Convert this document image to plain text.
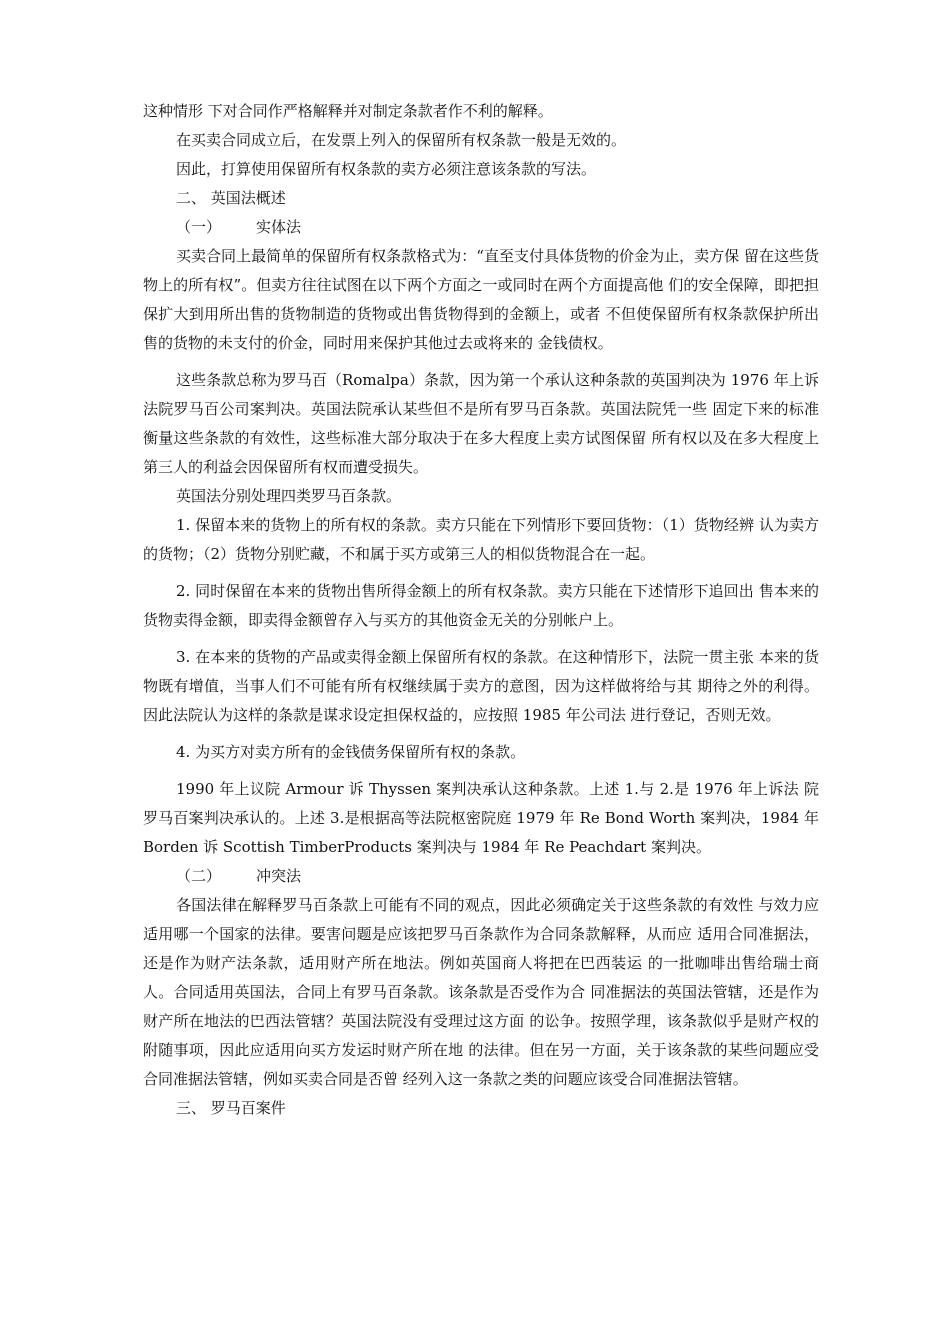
这种情形 下对合同作严格解释并对制定条款者作不利的解释。

在买卖合同成立后，在发票上列入的保留所有权条款一般是无效的。

因此，打算使用保留所有权条款的卖方必须注意该条款的写法。

二、 英国法概述

（一） 实体法

买卖合同上最简单的保留所有权条款格式为：“直至支付具体货物的价金为止，卖方保 留在这些货物上的所有权”。但卖方往往试图在以下两个方面之一或同时在两个方面提高他 们的安全保障，即把担保扩大到用所出售的货物制造的货物或出售货物得到的金额上，或者 不但使保留所有权条款保护所出售的货物的未支付的价金，同时用来保护其他过去或将来的 金钱债权。

这些条款总称为罗马百（Romalpa）条款，因为第一个承认这种条款的英国判决为 1976 年上诉法院罗马百公司案判决。英国法院承认某些但不是所有罗马百条款。英国法院凭一些 固定下来的标准衡量这些条款的有效性，这些标准大部分取决于在多大程度上卖方试图保留 所有权以及在多大程度上第三人的利益会因保留所有权而遭受损失。

英国法分别处理四类罗马百条款。

1. 保留本来的货物上的所有权的条款。卖方只能在下列情形下要回货物：（1）货物经辨 认为卖方的货物；（2）货物分别贮藏，不和属于买方或第三人的相似货物混合在一起。

2. 同时保留在本来的货物出售所得金额上的所有权条款。卖方只能在下述情形下追回出 售本来的货物卖得金额，即卖得金额曾存入与买方的其他资金无关的分别帐户上。

3. 在本来的货物的产品或卖得金额上保留所有权的条款。在这种情形下，法院一贯主张 本来的货物既有增值，当事人们不可能有所有权继续属于卖方的意图，因为这样做将给与其 期待之外的利得。因此法院认为这样的条款是谋求设定担保权益的，应按照 1985 年公司法 进行登记，否则无效。

4. 为买方对卖方所有的金钱债务保留所有权的条款。

1990 年上议院 Armour 诉 Thyssen 案判决承认这种条款。上述 1.与 2.是 1976 年上诉法 院罗马百案判决承认的。上述 3.是根据高等法院枢密院庭 1979 年 Re Bond Worth 案判决，1984 年 Borden 诉 Scottish TimberProducts 案判决与 1984 年 Re Peachdart 案判决。

（二） 冲突法

各国法律在解释罗马百条款上可能有不同的观点，因此必须确定关于这些条款的有效性 与效力应适用哪一个国家的法律。要害问题是应该把罗马百条款作为合同条款解释，从而应 适用合同准据法，还是作为财产法条款，适用财产所在地法。例如英国商人将把在巴西装运 的一批咖啡出售给瑞士商人。合同适用英国法，合同上有罗马百条款。该条款是否受作为合 同准据法的英国法管辖，还是作为财产所在地法的巴西法管辖？英国法院没有受理过这方面 的讼争。按照学理，该条款似乎是财产权的附随事项，因此应适用向买方发运时财产所在地 的法律。但在另一方面，关于该条款的某些问题应受合同准据法管辖，例如买卖合同是否曾 经列入这一条款之类的问题应该受合同准据法管辖。

三、 罗马百案件
